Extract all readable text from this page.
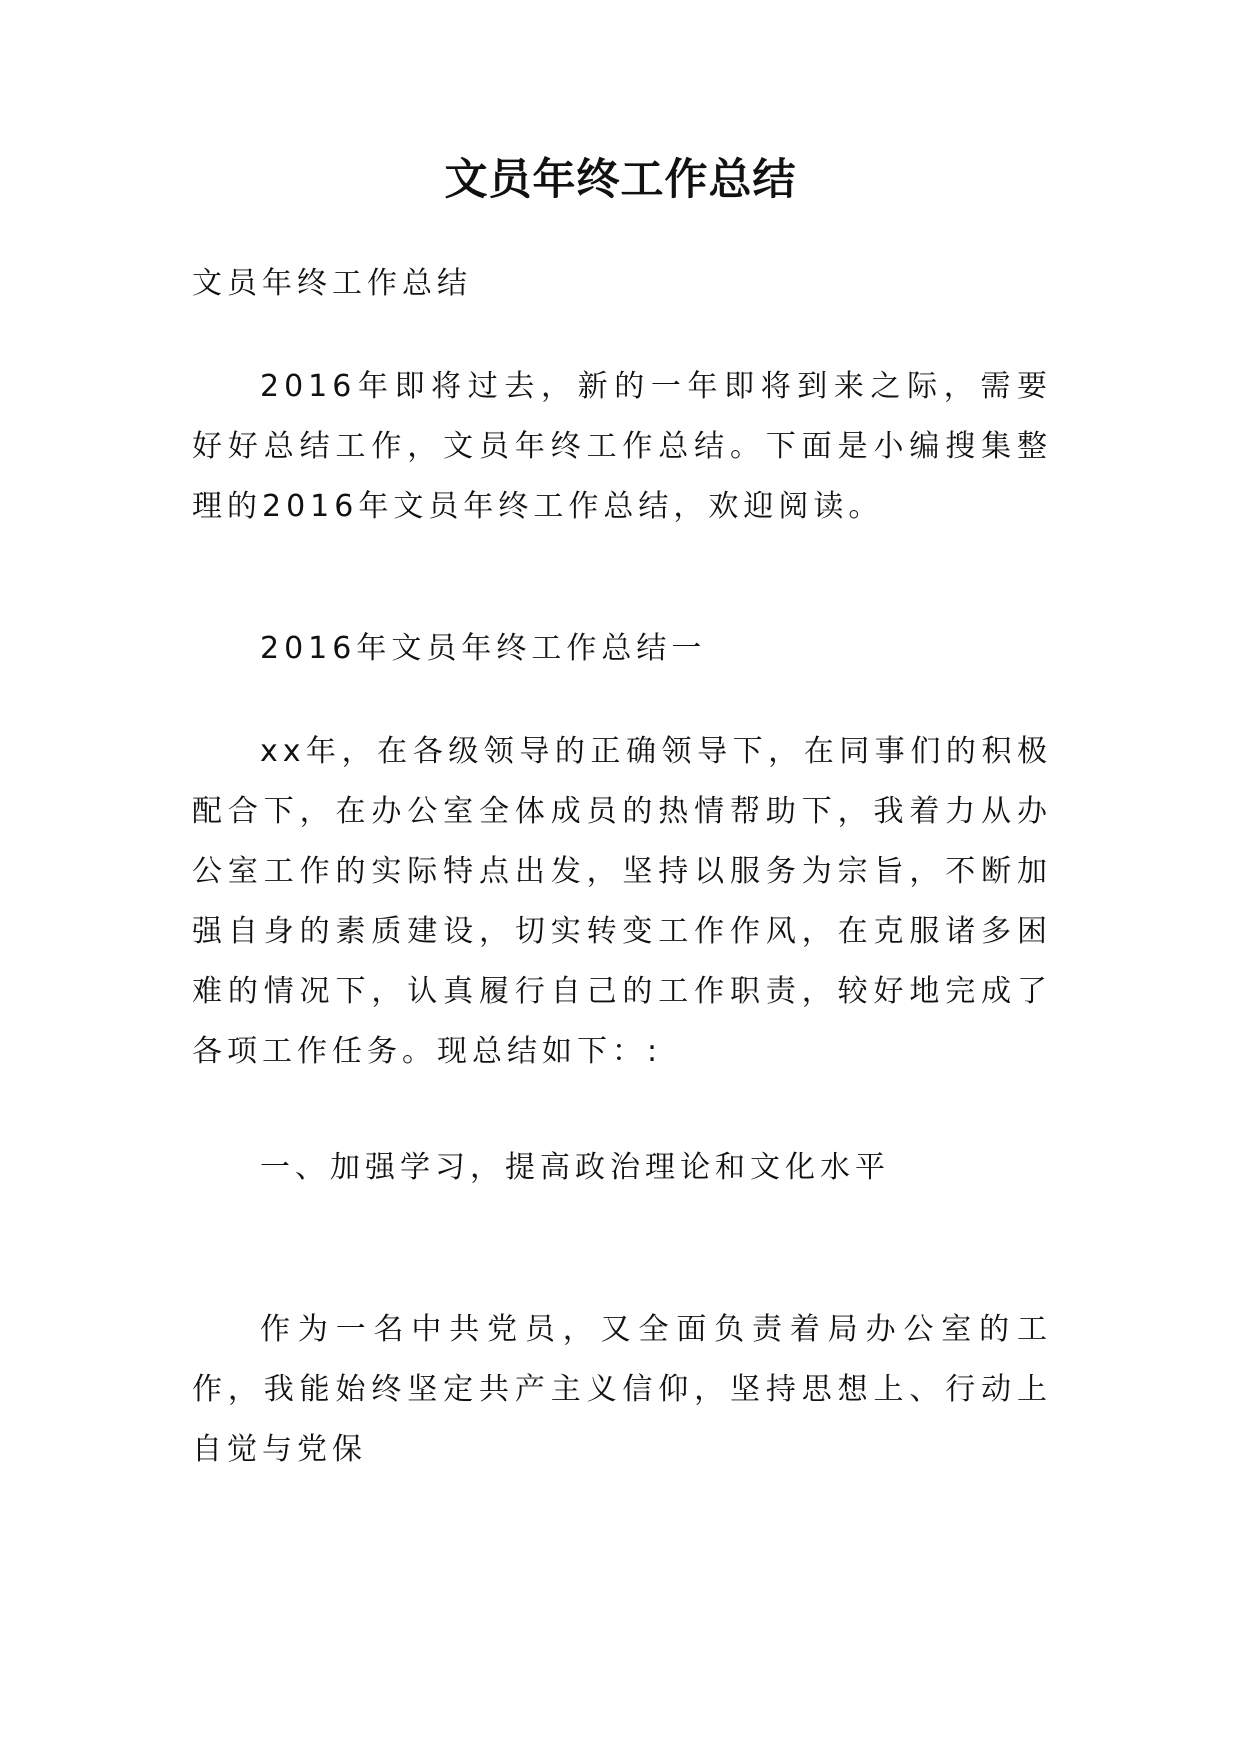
文员年终工作总结

文员年终工作总结

2016年即将过去，新的一年即将到来之际，需要好好总结工作，文员年终工作总结。下面是小编搜集整理的2016年文员年终工作总结，欢迎阅读。

2016年文员年终工作总结一

xx年，在各级领导的正确领导下，在同事们的积极配合下，在办公室全体成员的热情帮助下，我着力从办公室工作的实际特点出发，坚持以服务为宗旨，不断加强自身的素质建设，切实转变工作作风，在克服诸多困难的情况下，认真履行自己的工作职责，较好地完成了各项工作任务。现总结如下：:

一、加强学习，提高政治理论和文化水平

作为一名中共党员，又全面负责着局办公室的工作，我能始终坚定共产主义信仰，坚持思想上、行动上自觉与党保
